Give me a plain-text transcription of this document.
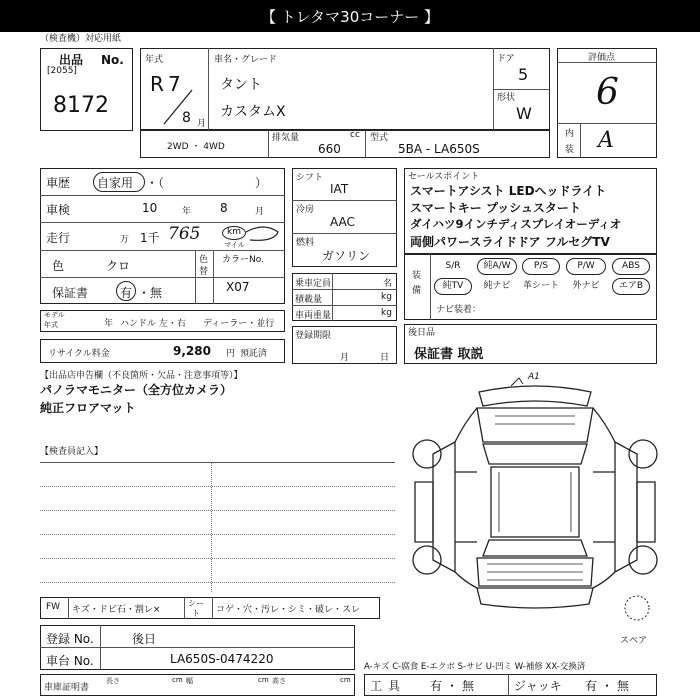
【 トレタマ30コーナー 】
（検査機）対応用紙
出品 No.
[2055]
8172
年式
R 7
8 月
車名・グレード
タント
カスタムX
ドア
5
形状
W
評価点
6
内
装 A
2WD ・ 4WD
排気量	cc
660
型式
5BA - LA650S
車歴 自家用 ・（	）
車検	10	年 8	月
走行	万 1千 765	km
マイル
色	クロ	色
替
カラーNo.
X07
保証書	有 ・無
モデル
年式	年 ハンドル 左・右 ディーラー・並行
リサイクル料金	9,280 円 預託済
シフト
IAT
冷房
AAC
燃料
ガソリン
乗車定員	名
積載量	kg
車両重量	kg
登録期限
月	日
セールスポイント
スマートアシスト LEDヘッドライト
スマートキー プッシュスタート
ダイハツ9インチディスプレイオーディオ
両側パワースライドドア フルセグTV
装
備
S/R	純A/W	P/S	P/W	ABS
純TV	純ナビ	革シート	外ナビ	エアB
ナビ装着：
後日品
保証書 取説
【出品店申告欄（不良箇所・欠品・注意事項等）】
パノラマモニター（全方位カメラ）
純正フロアマット
【検査員記入】
A1
スペア
FW キズ・ドビ石・割レ×
シー
ト コゲ・穴・汚レ・シミ・破レ・スレ
登録 No.	後日
車台 No.	LA650S-0474220
A-キズ C-腐食 E-エクボ S-サビ U-凹ミ W-補修 XX-交換済
工具 有・無	ジャッキ 有・無
車庫証明書
長さ	cm 幅	cm 高さ	cm
